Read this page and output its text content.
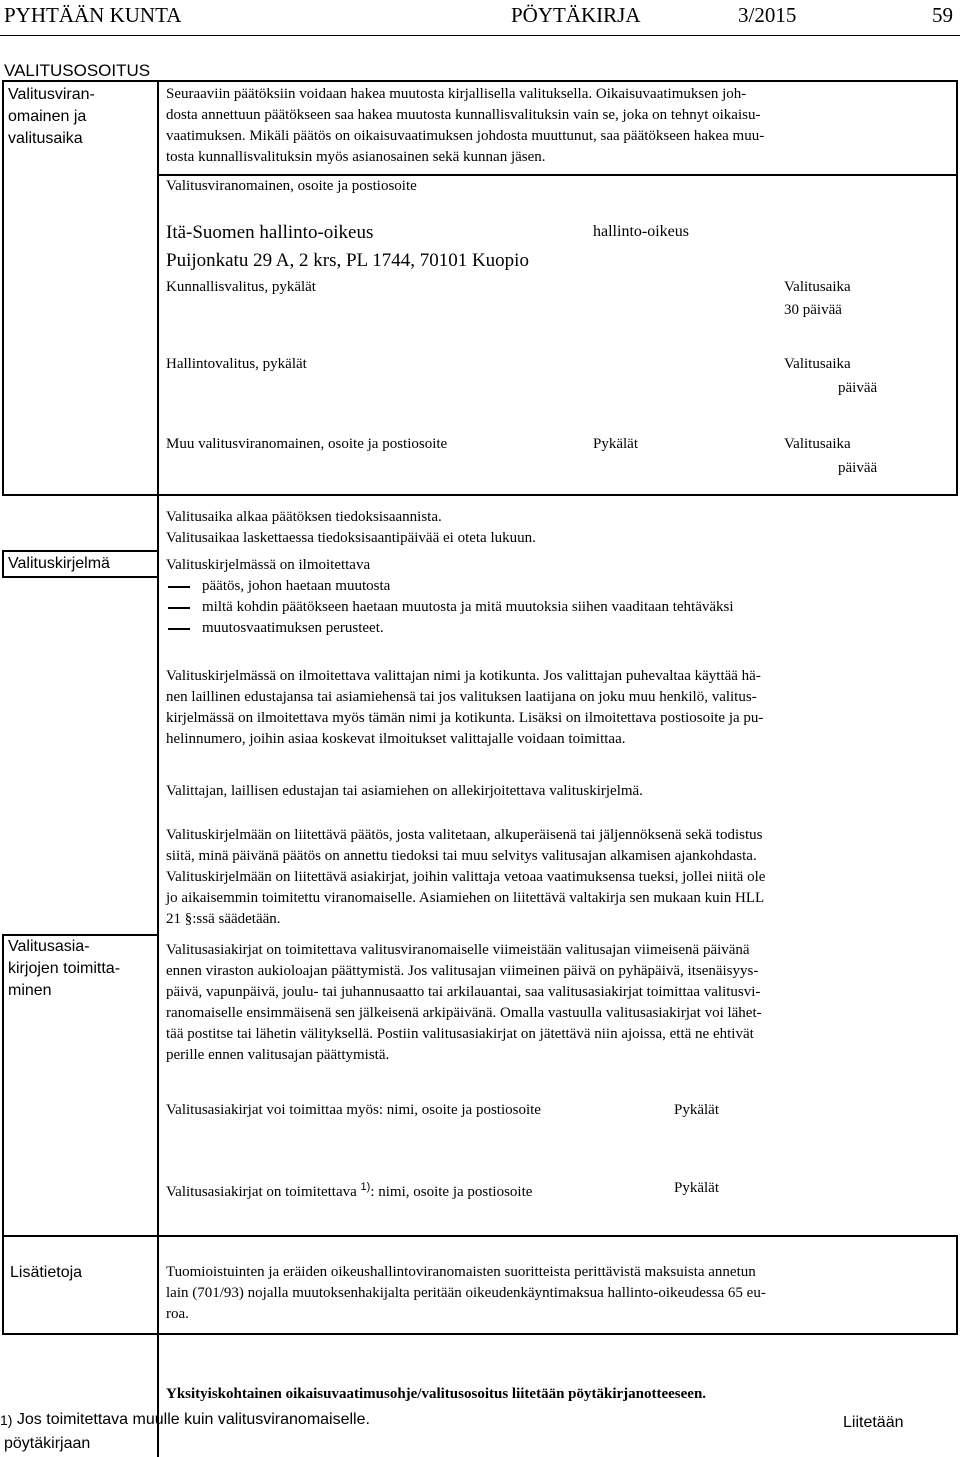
PYHTÄÄN KUNTA	PÖYTÄKIRJA	3/2015	59
VALITUSOSOITUS
Valitusviran-
omainen ja
valitusaika
Seuraaviin päätöksiin voidaan hakea muutosta kirjallisella valituksella. Oikaisuvaatimuksen joh-
dosta annettuun päätökseen saa hakea muutosta kunnallisvalituksin vain se, joka on tehnyt oikaisu-
vaatimuksen. Mikäli päätös on oikaisuvaatimuksen johdosta muuttunut, saa päätökseen hakea muu-
tosta kunnallisvalituksin myös asianosainen sekä kunnan jäsen.
Valitusviranomainen, osoite ja postiosoite
Itä-Suomen hallinto-oikeus	hallinto-oikeus
Puijonkatu 29 A, 2 krs, PL 1744, 70101 Kuopio
Kunnallisvalitus, pykälät	Valitusaika
30 päivää
Hallintovalitus, pykälät	Valitusaika
päivää
Muu valitusviranomainen, osoite ja postiosoite	Pykälät	Valitusaika
päivää
Valitusaika alkaa päätöksen tiedoksisaannista.
Valitusaikaa laskettaessa tiedoksisaantipäivää ei oteta lukuun.
Valituskirjelmä	Valituskirjelmässä on ilmoitettava
päätös, johon haetaan muutosta
miltä kohdin päätökseen haetaan muutosta ja mitä muutoksia siihen vaaditaan tehtäväksi
muutosvaatimuksen perusteet.
Valituskirjelmässä on ilmoitettava valittajan nimi ja kotikunta. Jos valittajan puhevaltaa käyttää hä-
nen laillinen edustajansa tai asiamiehensä tai jos valituksen laatijana on joku muu henkilö, valitus-
kirjelmässä on ilmoitettava myös tämän nimi ja kotikunta. Lisäksi on ilmoitettava postiosoite ja pu-
helinnumero, joihin asiaa koskevat ilmoitukset valittajalle voidaan toimittaa.
Valittajan, laillisen edustajan tai asiamiehen on allekirjoitettava valituskirjelmä.
Valituskirjelmään on liitettävä päätös, josta valitetaan, alkuperäisenä tai jäljennöksenä sekä todistus
siitä, minä päivänä päätös on annettu tiedoksi tai muu selvitys valitusajan alkamisen ajankohdasta.
Valituskirjelmään on liitettävä asiakirjat, joihin valittaja vetoaa vaatimuksensa tueksi, jollei niitä ole
jo aikaisemmin toimitettu viranomaiselle. Asiamiehen on liitettävä valtakirja sen mukaan kuin HLL
21 §:ssä säädetään.
Valitusasia-
kirjojen toimitta-
minen
Valitusasiakirjat on toimitettava valitusviranomaiselle viimeistään valitusajan viimeisenä päivänä
ennen viraston aukioloajan päättymistä. Jos valitusajan viimeinen päivä on pyhäpäivä, itsenäisyys-
päivä, vapunpäivä, joulu- tai juhannusaatto tai arkilauantai, saa valitusasiakirjat toimittaa valitusvi-
ranomaiselle ensimmäisenä sen jälkeisenä arkipäivänä. Omalla vastuulla valitusasiakirjat voi lähet-
tää postitse tai lähetin välityksellä. Postiin valitusasiakirjat on jätettävä niin ajoissa, että ne ehtivät
perille ennen valitusajan päättymistä.
Valitusasiakirjat voi toimittaa myös: nimi, osoite ja postiosoite	Pykälät
Valitusasiakirjat on toimitettava $^{1)}$: nimi, osoite ja postiosoite	Pykälät
Lisätietoja	Tuomioistuinten ja eräiden oikeushallintoviranomaisten suoritteista perittävistä maksuista annetun
lain (701/93) nojalla muutoksenhakijalta peritään oikeudenkäyntimaksua hallinto-oikeudessa 65 eu-
roa.
Yksityiskohtainen oikaisuvaatimusohje/valitusosoitus liitetään pöytäkirjanotteeseen.
1) Jos toimitettava muulle kuin valitusviranomaiselle.	Liitetään
pöytäkirjaan
